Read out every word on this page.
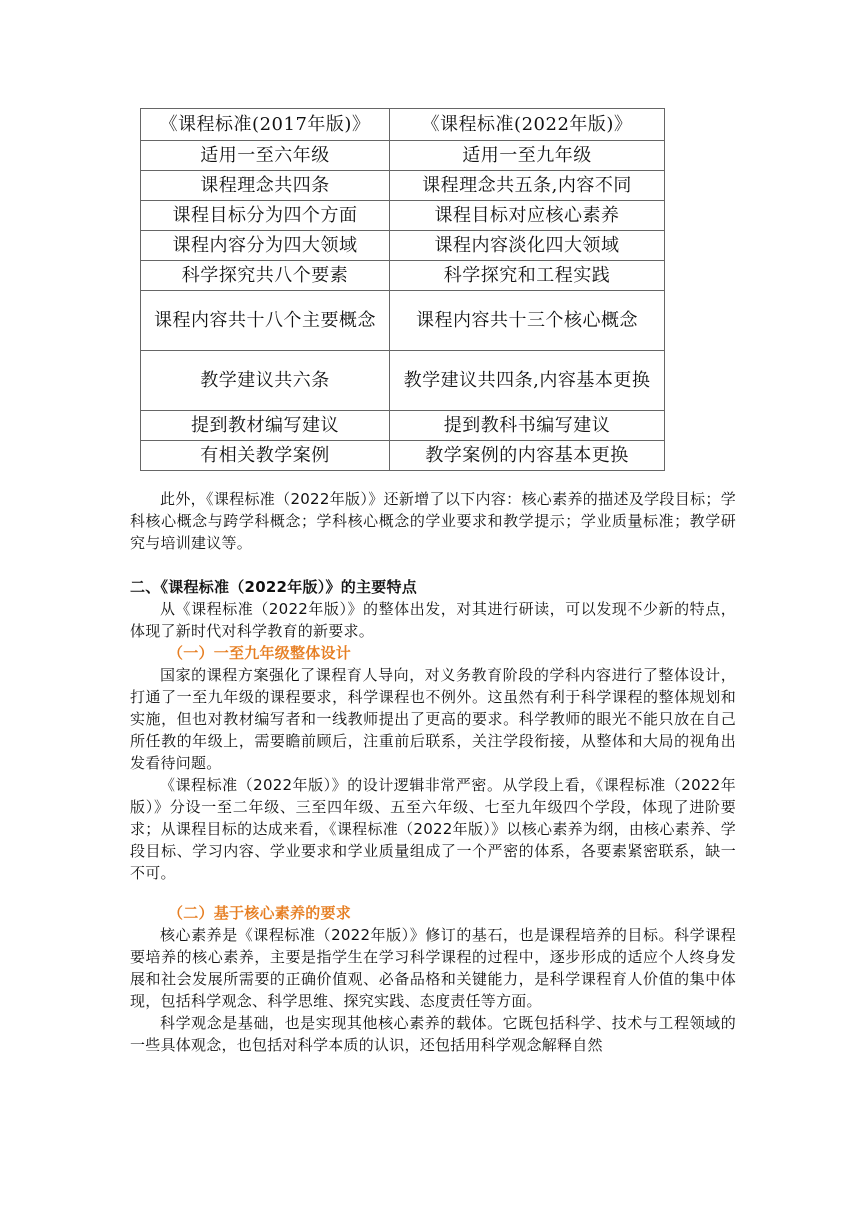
《课程标准(2017年版)》	《课程标准(2022年版)》
适用一至六年级	适用一至九年级
课程理念共四条	课程理念共五条,内容不同
课程目标分为四个方面	课程目标对应核心素养
课程内容分为四大领域	课程内容淡化四大领域
科学探究共八个要素	科学探究和工程实践
课程内容共十八个主要概念	课程内容共十三个核心概念
教学建议共六条	教学建议共四条,内容基本更换
提到教材编写建议	提到教科书编写建议
有相关教学案例	教学案例的内容基本更换

此外，《课程标准（2022年版）》还新增了以下内容：核心素养的描述及学段目标；学科核心概念与跨学科概念；学科核心概念的学业要求和教学提示；学业质量标准；教学研究与培训建议等。

二、《课程标准（2022年版）》的主要特点

从《课程标准（2022年版）》的整体出发，对其进行研读，可以发现不少新的特点，体现了新时代对科学教育的新要求。

（一）一至九年级整体设计

国家的课程方案强化了课程育人导向，对义务教育阶段的学科内容进行了整体设计，打通了一至九年级的课程要求，科学课程也不例外。这虽然有利于科学课程的整体规划和实施，但也对教材编写者和一线教师提出了更高的要求。科学教师的眼光不能只放在自己所任教的年级上，需要瞻前顾后，注重前后联系，关注学段衔接，从整体和大局的视角出发看待问题。

《课程标准（2022年版）》的设计逻辑非常严密。从学段上看，《课程标准（2022年版）》分设一至二年级、三至四年级、五至六年级、七至九年级四个学段，体现了进阶要求；从课程目标的达成来看，《课程标准（2022年版）》以核心素养为纲，由核心素养、学段目标、学习内容、学业要求和学业质量组成了一个严密的体系，各要素紧密联系，缺一不可。

（二）基于核心素养的要求

核心素养是《课程标准（2022年版）》修订的基石，也是课程培养的目标。科学课程要培养的核心素养，主要是指学生在学习科学课程的过程中，逐步形成的适应个人终身发展和社会发展所需要的正确价值观、必备品格和关键能力，是科学课程育人价值的集中体现，包括科学观念、科学思维、探究实践、态度责任等方面。

科学观念是基础，也是实现其他核心素养的载体。它既包括科学、技术与工程领域的一些具体观念，也包括对科学本质的认识，还包括用科学观念解释自然
